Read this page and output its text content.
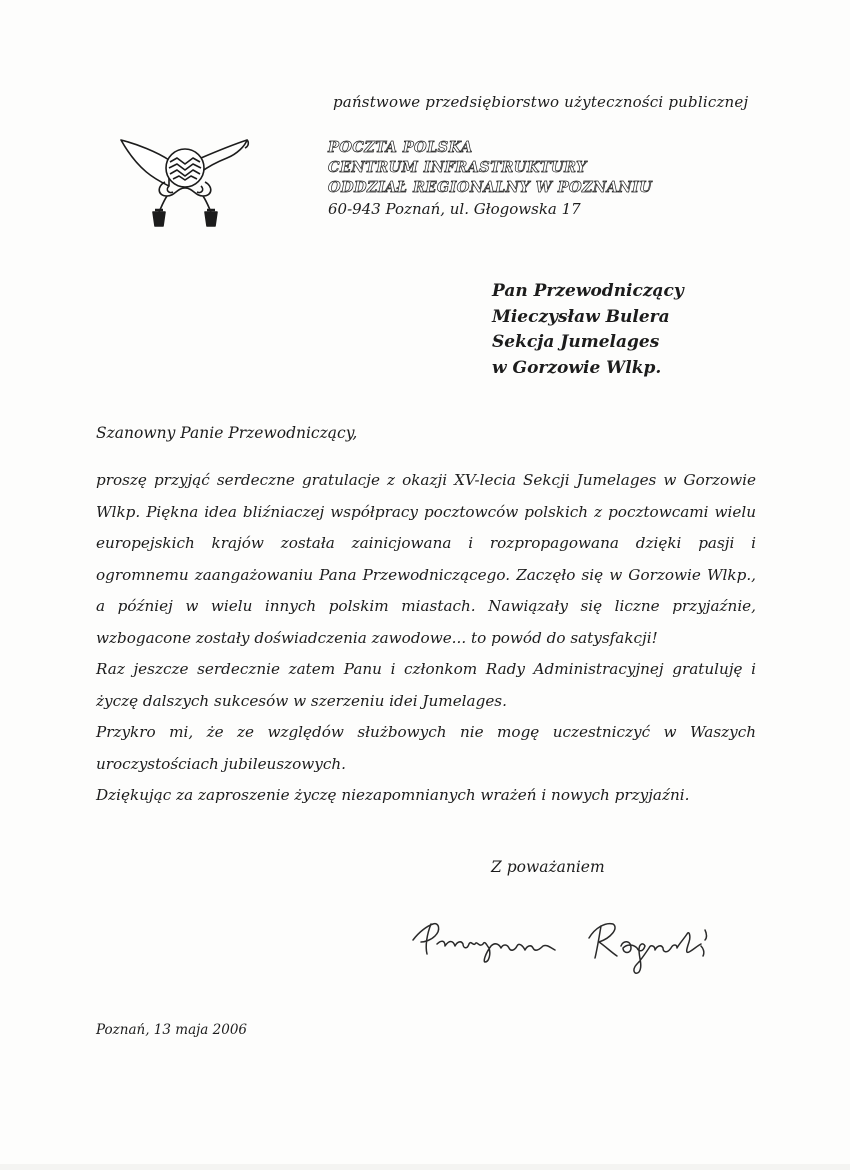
państwowe przedsiębiorstwo użyteczności publicznej
POCZTA POLSKA
CENTRUM INFRASTRUKTURY
ODDZIAŁ REGIONALNY W POZNANIU
60-943 Poznań, ul. Głogowska 17
Pan Przewodniczący
Mieczysław Bulera
Sekcja Jumelages
w Gorzowie Wlkp.
Szanowny Panie Przewodniczący,

proszę przyjąć serdeczne gratulacje z okazji XV-lecia Sekcji Jumelages w Gorzowie Wlkp. Piękna idea bliźniaczej współpracy pocztowców polskich z pocztowcami wielu europejskich krajów została zainicjowana i rozpropagowana dzięki pasji i ogromnemu zaangażowaniu Pana Przewodniczącego. Zaczęło się w Gorzowie Wlkp., a później w wielu innych polskim miastach. Nawiązały się liczne przyjaźnie, wzbogacone zostały doświadczenia zawodowe... to powód do satysfakcji!

Raz jeszcze serdecznie zatem Panu i członkom Rady Administracyjnej gratuluję i życzę dalszych sukcesów w szerzeniu idei Jumelages.

Przykro mi, że ze względów służbowych nie mogę uczestniczyć w Waszych uroczystościach jubileuszowych.

Dziękując za zaproszenie życzę niezapomnianych wrażeń i nowych przyjaźni.

Z poważaniem
Poznań, 13 maja 2006
